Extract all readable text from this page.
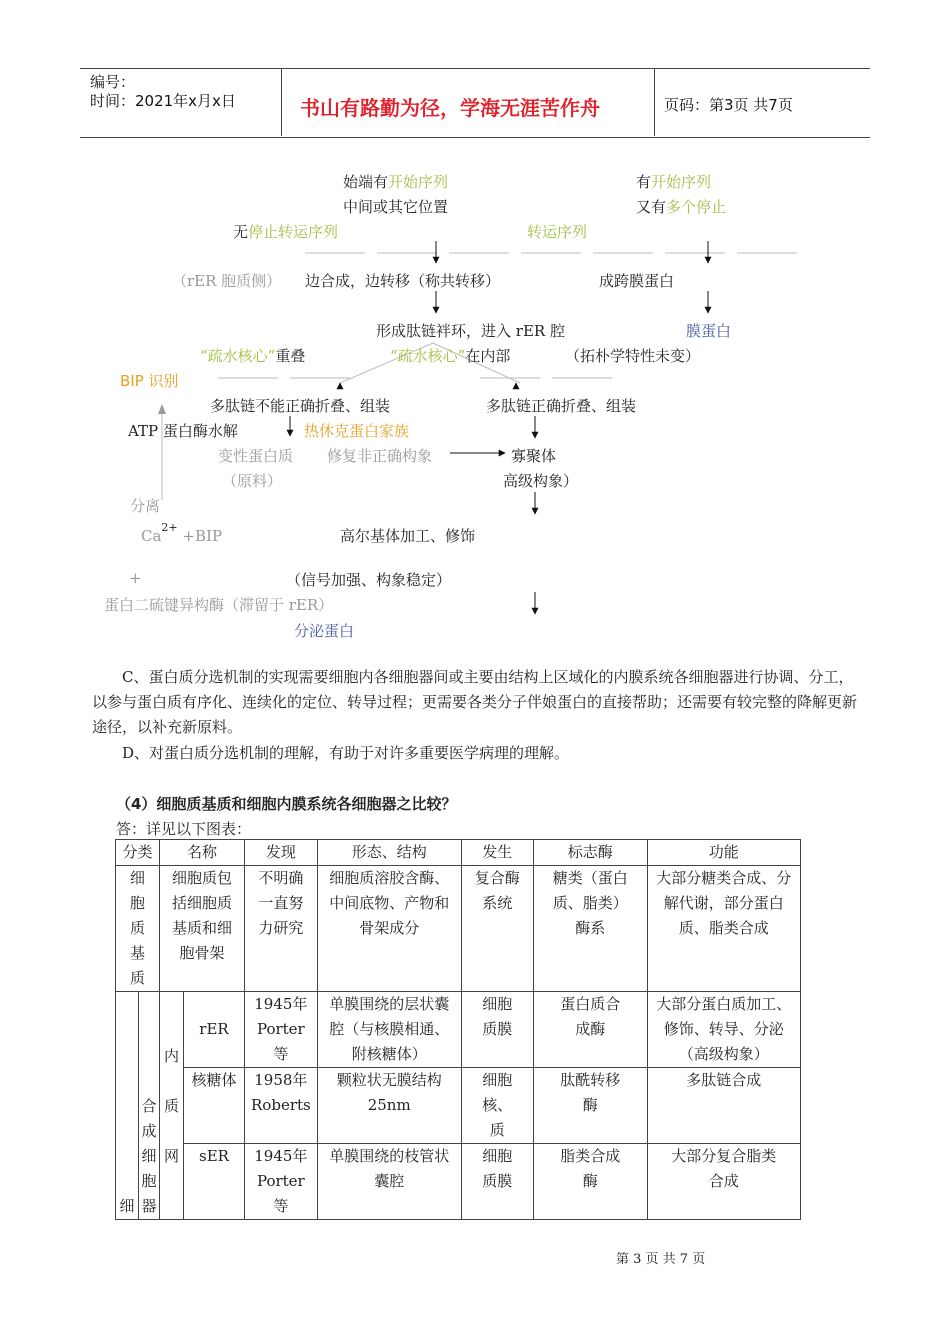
编号：
时间：2021年x月x日	书山有路勤为径，学海无涯苦作舟	页码：第3页 共7页
始端有开始序列
中间或其它位置
无停止转运序列
有开始序列
又有多个停止
转运序列
（rER 胞质侧） 边合成，边转移（称共转移）	成跨膜蛋白
形成肽链袢环，进入 rER 腔	膜蛋白
“疏水核心”重叠	“疏水核心”在内部	（拓朴学特性未变）
BIP 识别
多肽链不能正确折叠、组装	多肽链正确折叠、组装
ATP 蛋白酶水解	热休克蛋白家族
变性蛋白质 修复非正确构象	寡聚体
（原料）	高级构象）
分离
$Ca^{2+} +BIP$	高尔基体加工、修饰
+	（信号加强、构象稳定）
蛋白二硫键异构酶（滞留于 rER）
分泌蛋白
C、蛋白质分选机制的实现需要细胞内各细胞器间或主要由结构上区域化的内膜系统各细胞器进行协调、分工，以参与蛋白质有序化、连续化的定位、转导过程；更需要各类分子伴娘蛋白的直接帮助；还需要有较完整的降解更新途径，以补充新原料。
D、对蛋白质分选机制的理解，有助于对许多重要医学病理的理解。
（4）细胞质基质和细胞内膜系统各细胞器之比较？
答：详见以下图表：
分类		名称		发现	形态、结构	发生	标志酶	功能
细胞质基质		细胞质包括细胞质基质和细胞骨架		不明确一直努力研究	细胞质溶胶含酶、中间底物、产物和骨架成分	复合酶系统	糖类（蛋白质、脂类）酶系	大部分糖类合成、分解代谢，部分蛋白质、脂类合成
细	合成细胞器	内质网	rER	1945年Porter等	单膜围绕的层状囊腔（与核膜相通、附核糖体）	细胞质膜	蛋白质合成酶	大部分蛋白质加工、修饰、转导、分泌（高级构象）
			核糖体	1958年Roberts	颗粒状无膜结构25nm	细胞核、质	肽酰转移酶	多肽链合成
			sER	1945年Porter等	单膜围绕的枝管状囊腔	细胞质膜	脂类合成酶	大部分复合脂类合成
第 3 页 共 7 页
